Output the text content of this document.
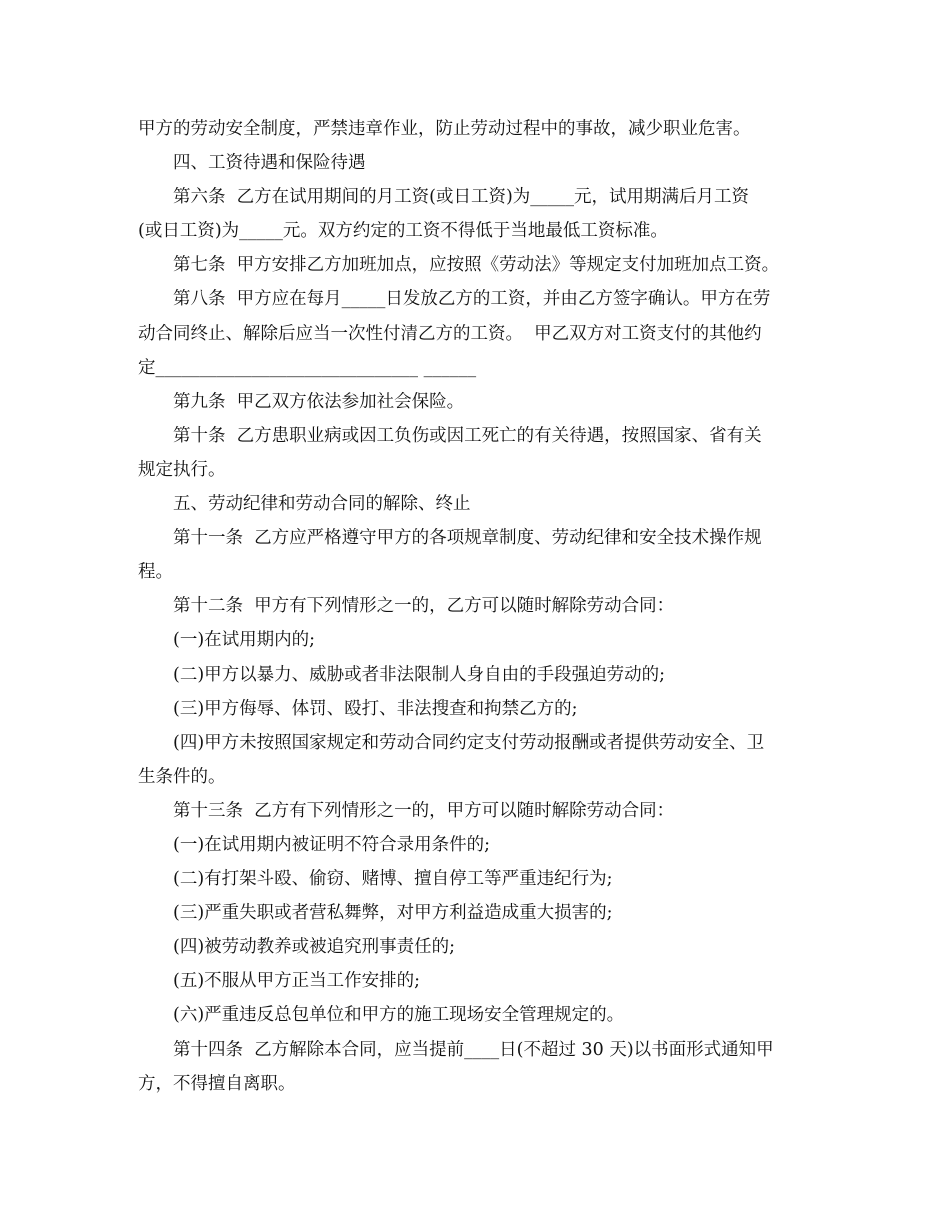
甲方的劳动安全制度，严禁违章作业，防止劳动过程中的事故，减少职业危害。
四、工资待遇和保险待遇
第六条  乙方在试用期间的月工资(或日工资)为_____元，试用期满后月工资
(或日工资)为_____元。双方约定的工资不得低于当地最低工资标准。
第七条  甲方安排乙方加班加点，应按照《劳动法》等规定支付加班加点工资。
第八条  甲方应在每月_____日发放乙方的工资，并由乙方签字确认。甲方在劳
动合同终止、解除后应当一次性付清乙方的工资。  甲乙双方对工资支付的其他约
定______________________________ ______
第九条  甲乙双方依法参加社会保险。
第十条  乙方患职业病或因工负伤或因工死亡的有关待遇，按照国家、省有关
规定执行。
五、劳动纪律和劳动合同的解除、终止
第十一条  乙方应严格遵守甲方的各项规章制度、劳动纪律和安全技术操作规
程。
第十二条  甲方有下列情形之一的，乙方可以随时解除劳动合同：
(一)在试用期内的;
(二)甲方以暴力、威胁或者非法限制人身自由的手段强迫劳动的;
(三)甲方侮辱、体罚、殴打、非法搜查和拘禁乙方的;
(四)甲方未按照国家规定和劳动合同约定支付劳动报酬或者提供劳动安全、卫
生条件的。
第十三条  乙方有下列情形之一的，甲方可以随时解除劳动合同：
(一)在试用期内被证明不符合录用条件的;
(二)有打架斗殴、偷窃、赌博、擅自停工等严重违纪行为;
(三)严重失职或者营私舞弊，对甲方利益造成重大损害的;
(四)被劳动教养或被追究刑事责任的;
(五)不服从甲方正当工作安排的;
(六)严重违反总包单位和甲方的施工现场安全管理规定的。
第十四条  乙方解除本合同，应当提前____日(不超过 30 天)以书面形式通知甲
方，不得擅自离职。
